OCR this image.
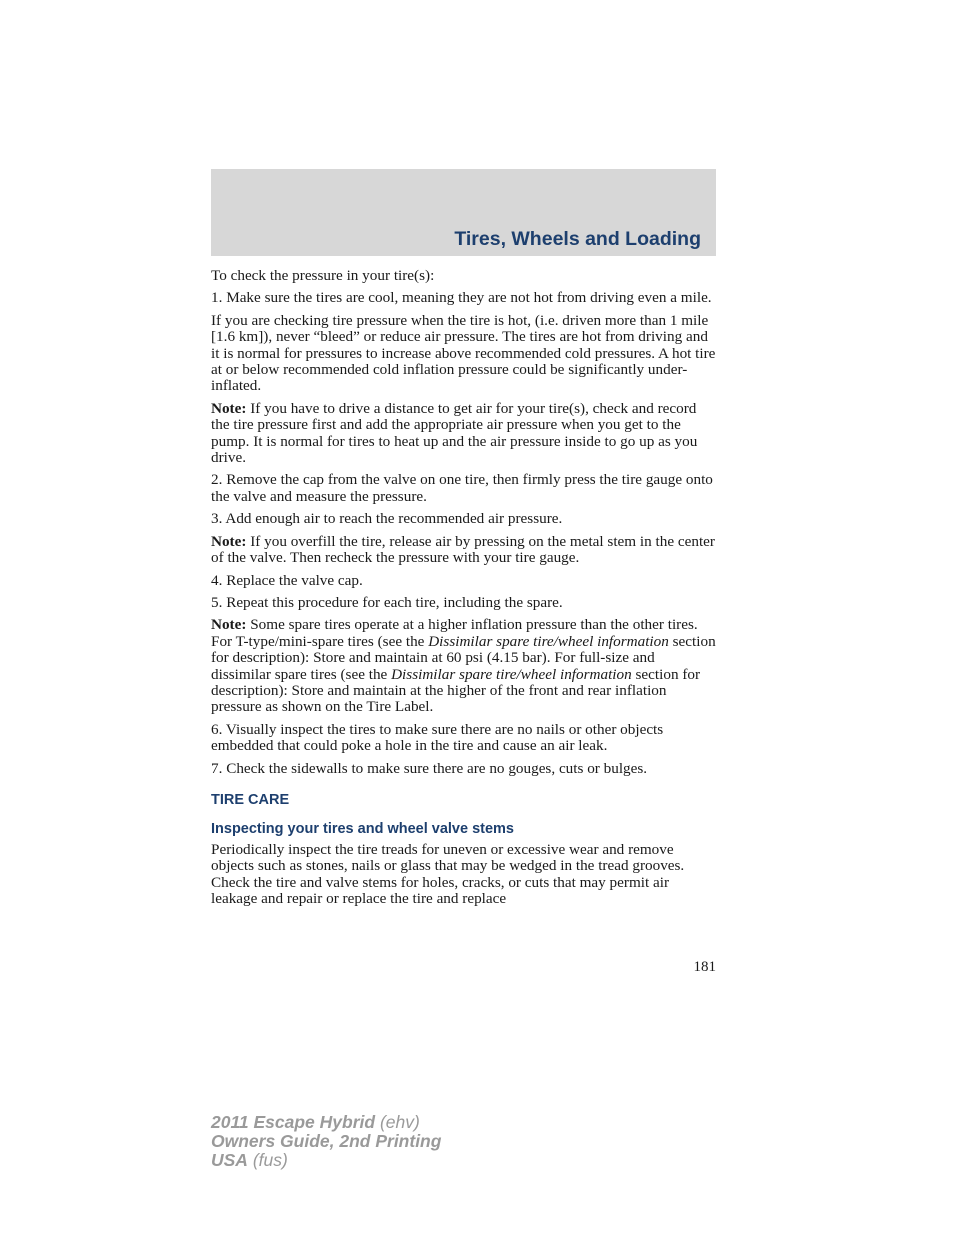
Tires, Wheels and Loading

To check the pressure in your tire(s):

1. Make sure the tires are cool, meaning they are not hot from driving even a mile.

If you are checking tire pressure when the tire is hot, (i.e. driven more than 1 mile [1.6 km]), never “bleed” or reduce air pressure. The tires are hot from driving and it is normal for pressures to increase above recommended cold pressures. A hot tire at or below recommended cold inflation pressure could be significantly under-inflated.

Note: If you have to drive a distance to get air for your tire(s), check and record the tire pressure first and add the appropriate air pressure when you get to the pump. It is normal for tires to heat up and the air pressure inside to go up as you drive.

2. Remove the cap from the valve on one tire, then firmly press the tire gauge onto the valve and measure the pressure.

3. Add enough air to reach the recommended air pressure.

Note: If you overfill the tire, release air by pressing on the metal stem in the center of the valve. Then recheck the pressure with your tire gauge.

4. Replace the valve cap.

5. Repeat this procedure for each tire, including the spare.

Note: Some spare tires operate at a higher inflation pressure than the other tires. For T-type/mini-spare tires (see the Dissimilar spare tire/wheel information section for description): Store and maintain at 60 psi (4.15 bar). For full-size and dissimilar spare tires (see the Dissimilar spare tire/wheel information section for description): Store and maintain at the higher of the front and rear inflation pressure as shown on the Tire Label.

6. Visually inspect the tires to make sure there are no nails or other objects embedded that could poke a hole in the tire and cause an air leak.

7. Check the sidewalls to make sure there are no gouges, cuts or bulges.

TIRE CARE
Inspecting your tires and wheel valve stems

Periodically inspect the tire treads for uneven or excessive wear and remove objects such as stones, nails or glass that may be wedged in the tread grooves. Check the tire and valve stems for holes, cracks, or cuts that may permit air leakage and repair or replace the tire and replace

181
2011 Escape Hybrid (ehv)
Owners Guide, 2nd Printing
USA (fus)
